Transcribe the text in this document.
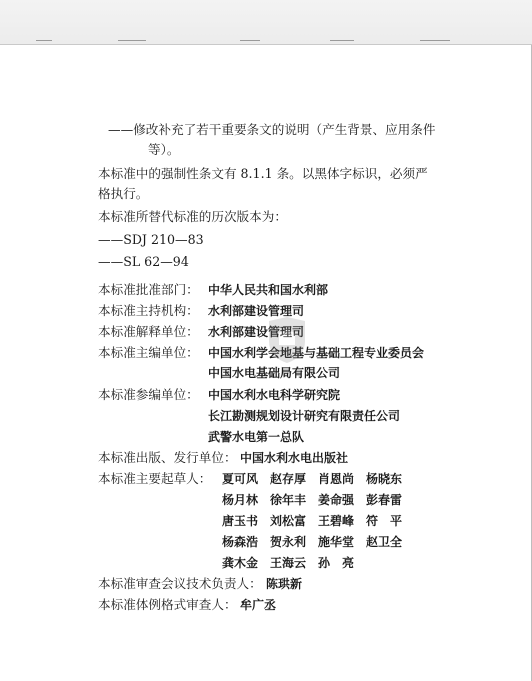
——修改补充了若干重要条文的说明（产生背景、应用条件
等）。
本标准中的强制性条文有 8.1.1 条。以黑体字标识，必须严
格执行。
本标准所替代标准的历次版本为：
——SDJ 210—83
——SL 62—94
本标准批准部门： 中华人民共和国水利部
本标准主持机构： 水利部建设管理司
本标准解释单位： 水利部建设管理司
本标准主编单位： 中国水利学会地基与基础工程专业委员会
中国水电基础局有限公司
本标准参编单位： 中国水利水电科学研究院
长江勘测规划设计研究有限责任公司
武警水电第一总队
本标准出版、发行单位： 中国水利水电出版社
本标准主要起草人： 夏可风　赵存厚　肖恩尚　杨晓东
杨月林　徐年丰　姜命强　彭春雷
唐玉书　刘松富　王碧峰　符　平
杨森浩　贺永利　施华堂　赵卫全
龚木金　王海云　孙　亮
本标准审查会议技术负责人： 陈珙新
本标准体例格式审查人： 牟广丞
